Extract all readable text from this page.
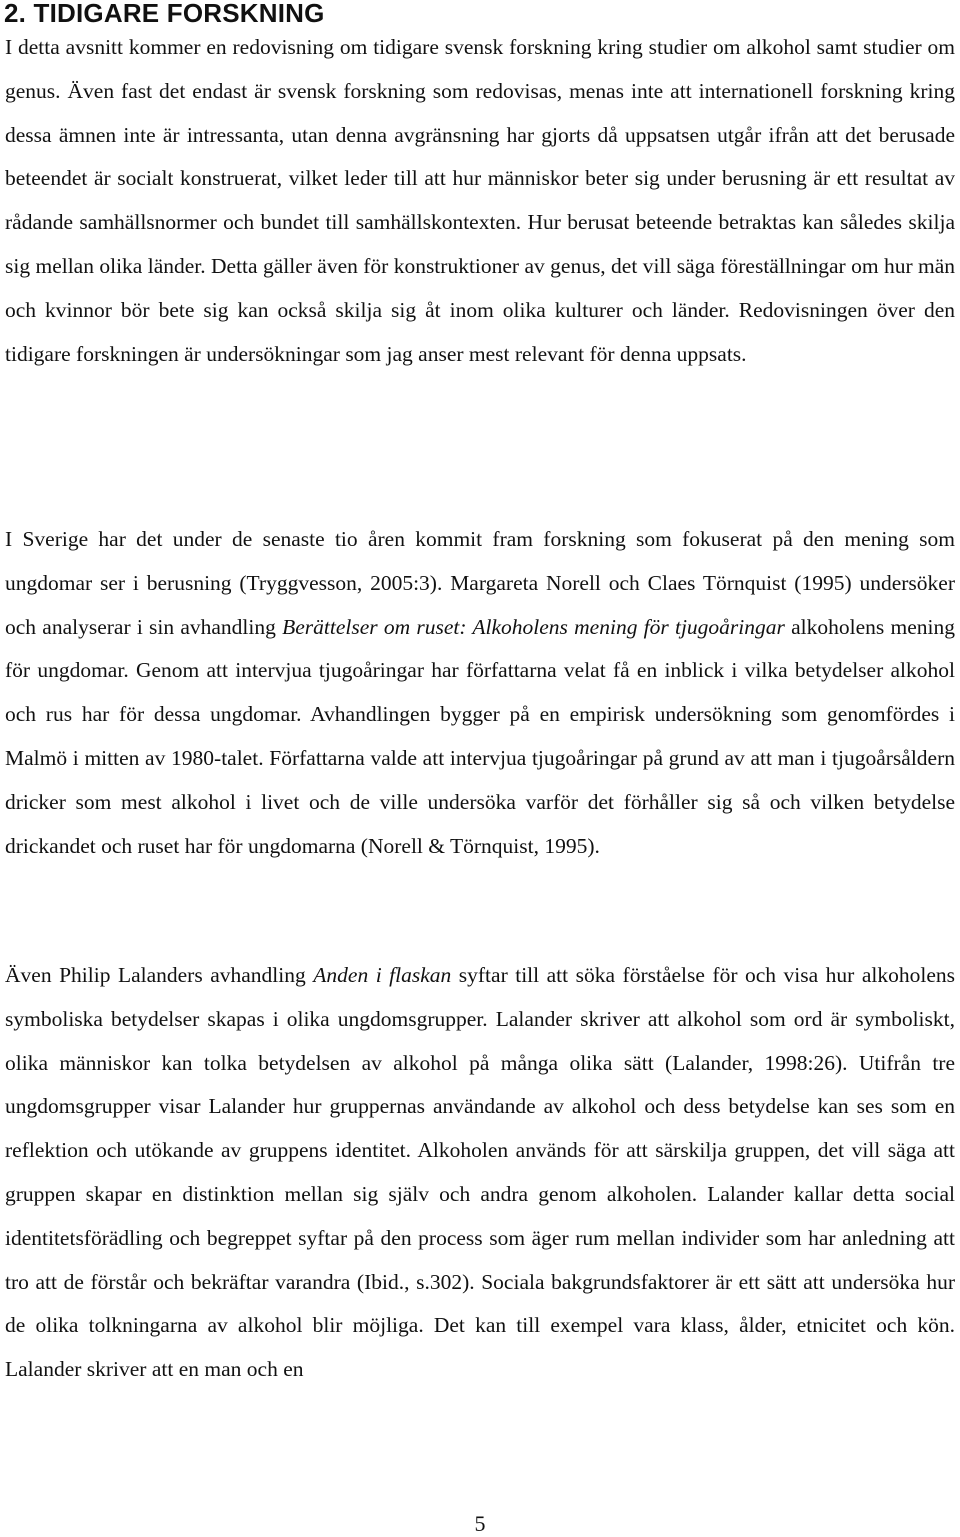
2. TIDIGARE FORSKNING

I detta avsnitt kommer en redovisning om tidigare svensk forskning kring studier om alkohol samt studier om genus. Även fast det endast är svensk forskning som redovisas, menas inte att internationell forskning kring dessa ämnen inte är intressanta, utan denna avgränsning har gjorts då uppsatsen utgår ifrån att det berusade beteendet är socialt konstruerat, vilket leder till att hur människor beter sig under berusning är ett resultat av rådande samhällsnormer och bundet till samhällskontexten. Hur berusat beteende betraktas kan således skilja sig mellan olika länder. Detta gäller även för konstruktioner av genus, det vill säga föreställningar om hur män och kvinnor bör bete sig kan också skilja sig åt inom olika kulturer och länder. Redovisningen över den tidigare forskningen är undersökningar som jag anser mest relevant för denna uppsats.

I Sverige har det under de senaste tio åren kommit fram forskning som fokuserat på den mening som ungdomar ser i berusning (Tryggvesson, 2005:3). Margareta Norell och Claes Törnquist (1995) undersöker och analyserar i sin avhandling Berättelser om ruset: Alkoholens mening för tjugoåringar alkoholens mening för ungdomar. Genom att intervjua tjugoåringar har författarna velat få en inblick i vilka betydelser alkohol och rus har för dessa ungdomar. Avhandlingen bygger på en empirisk undersökning som genomfördes i Malmö i mitten av 1980-talet. Författarna valde att intervjua tjugoåringar på grund av att man i tjugoårsåldern dricker som mest alkohol i livet och de ville undersöka varför det förhåller sig så och vilken betydelse drickandet och ruset har för ungdomarna (Norell & Törnquist, 1995).

Även Philip Lalanders avhandling Anden i flaskan syftar till att söka förståelse för och visa hur alkoholens symboliska betydelser skapas i olika ungdomsgrupper. Lalander skriver att alkohol som ord är symboliskt, olika människor kan tolka betydelsen av alkohol på många olika sätt (Lalander, 1998:26). Utifrån tre ungdomsgrupper visar Lalander hur gruppernas användande av alkohol och dess betydelse kan ses som en reflektion och utökande av gruppens identitet. Alkoholen används för att särskilja gruppen, det vill säga att gruppen skapar en distinktion mellan sig själv och andra genom alkoholen. Lalander kallar detta social identitetsförädling och begreppet syftar på den process som äger rum mellan individer som har anledning att tro att de förstår och bekräftar varandra (Ibid., s.302). Sociala bakgrundsfaktorer är ett sätt att undersöka hur de olika tolkningarna av alkohol blir möjliga. Det kan till exempel vara klass, ålder, etnicitet och kön. Lalander skriver att en man och en

5
